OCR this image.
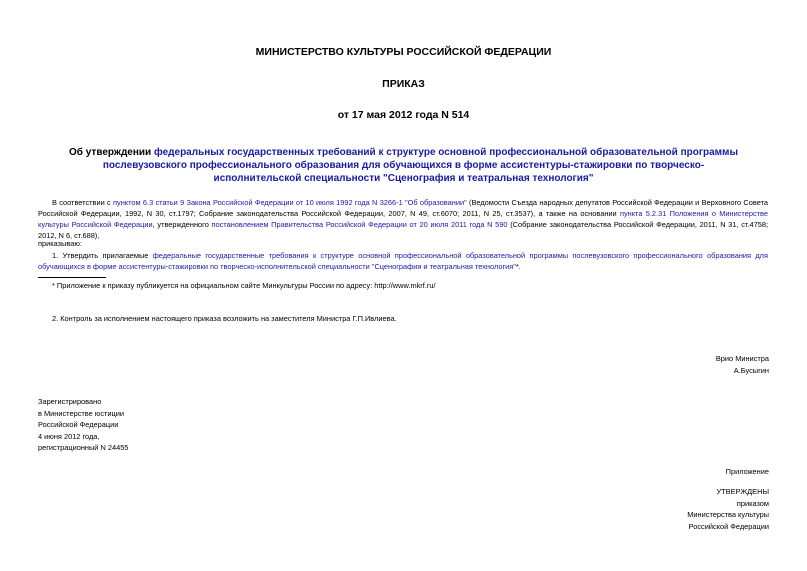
МИНИСТЕРСТВО КУЛЬТУРЫ РОССИЙСКОЙ ФЕДЕРАЦИИ
ПРИКАЗ
от 17 мая 2012 года N 514
Об утверждении федеральных государственных требований к структуре основной профессиональной образовательной программы послевузовского профессионального образования для обучающихся в форме ассистентуры-стажировки по творческо-исполнительской специальности "Сценография и театральная технология"
В соответствии с пунктом 6.3 статьи 9 Закона Российской Федерации от 10 июля 1992 года N 3266-1 "Об образовании" (Ведомости Съезда народных депутатов Российской Федерации и Верховного Совета Российской Федерации, 1992, N 30, ст.1797; Собрание законодательства Российской Федерации, 2007, N 49, ст.6070; 2011, N 25, ст.3537), а также на основании пункта 5.2.31 Положения о Министерстве культуры Российской Федерации, утвержденного постановлением Правительства Российской Федерации от 20 июля 2011 года N 590 (Собрание законодательства Российской Федерации, 2011, N 31, ст.4758; 2012, N 6, ст.688),
приказываю:
1. Утвердить прилагаемые федеральные государственные требования к структуре основной профессиональной образовательной программы послевузовского профессионального образования для обучающихся в форме ассистентуры-стажировки по творческо-исполнительской специальности "Сценография и театральная технология"*.
* Приложение к приказу публикуется на официальном сайте Минкультуры России по адресу: http://www.mkrf.ru/
2. Контроль за исполнением настоящего приказа возложить на заместителя Министра Г.П.Ивлиева.
Врио Министра
А.Бусыгин
Зарегистрировано
в Министерстве юстиции
Российской Федерации
4 июня 2012 года,
регистрационный N 24455
Приложение
УТВЕРЖДЕНЫ
приказом
Министерства культуры
Российской Федерации
